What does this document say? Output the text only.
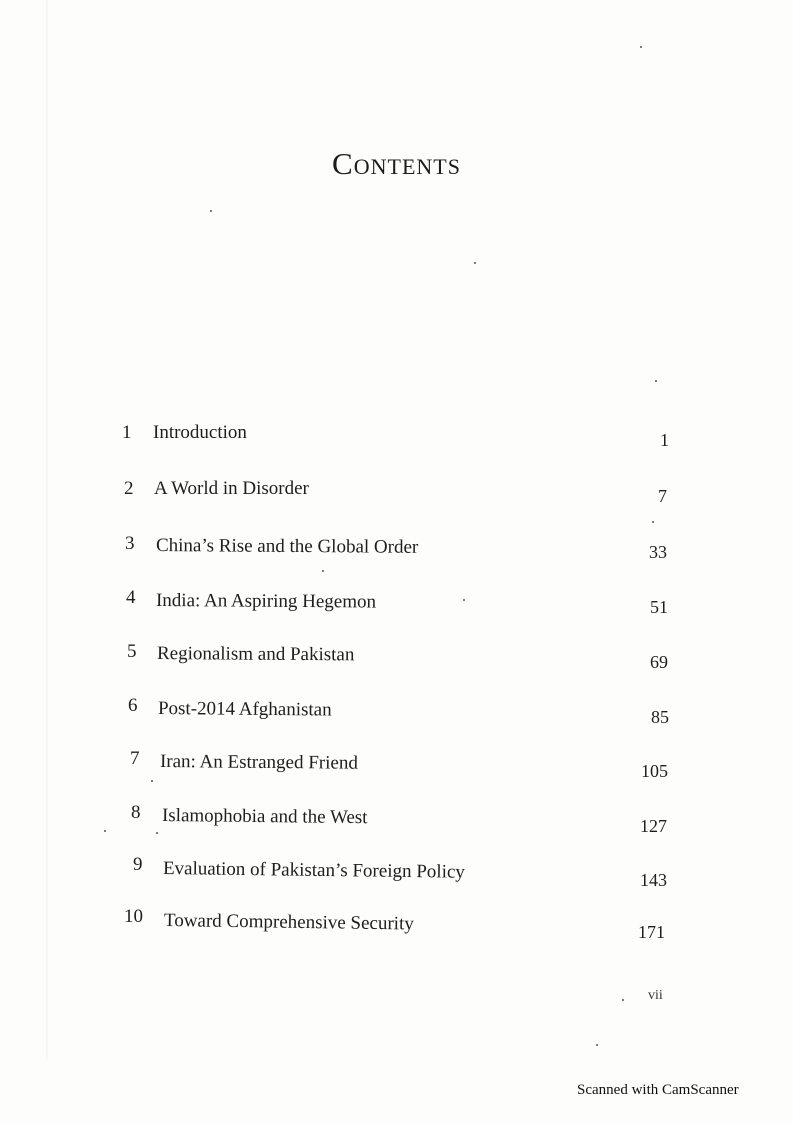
Contents
1 Introduction	1
2 A World in Disorder	7
3 China’s Rise and the Global Order	33
4 India: An Aspiring Hegemon	51
5 Regionalism and Pakistan	69
6 Post-2014 Afghanistan	85
7 Iran: An Estranged Friend	105
8 Islamophobia and the West	127
9 Evaluation of Pakistan’s Foreign Policy	143
10 Toward Comprehensive Security	171
vii
Scanned with CamScanner
